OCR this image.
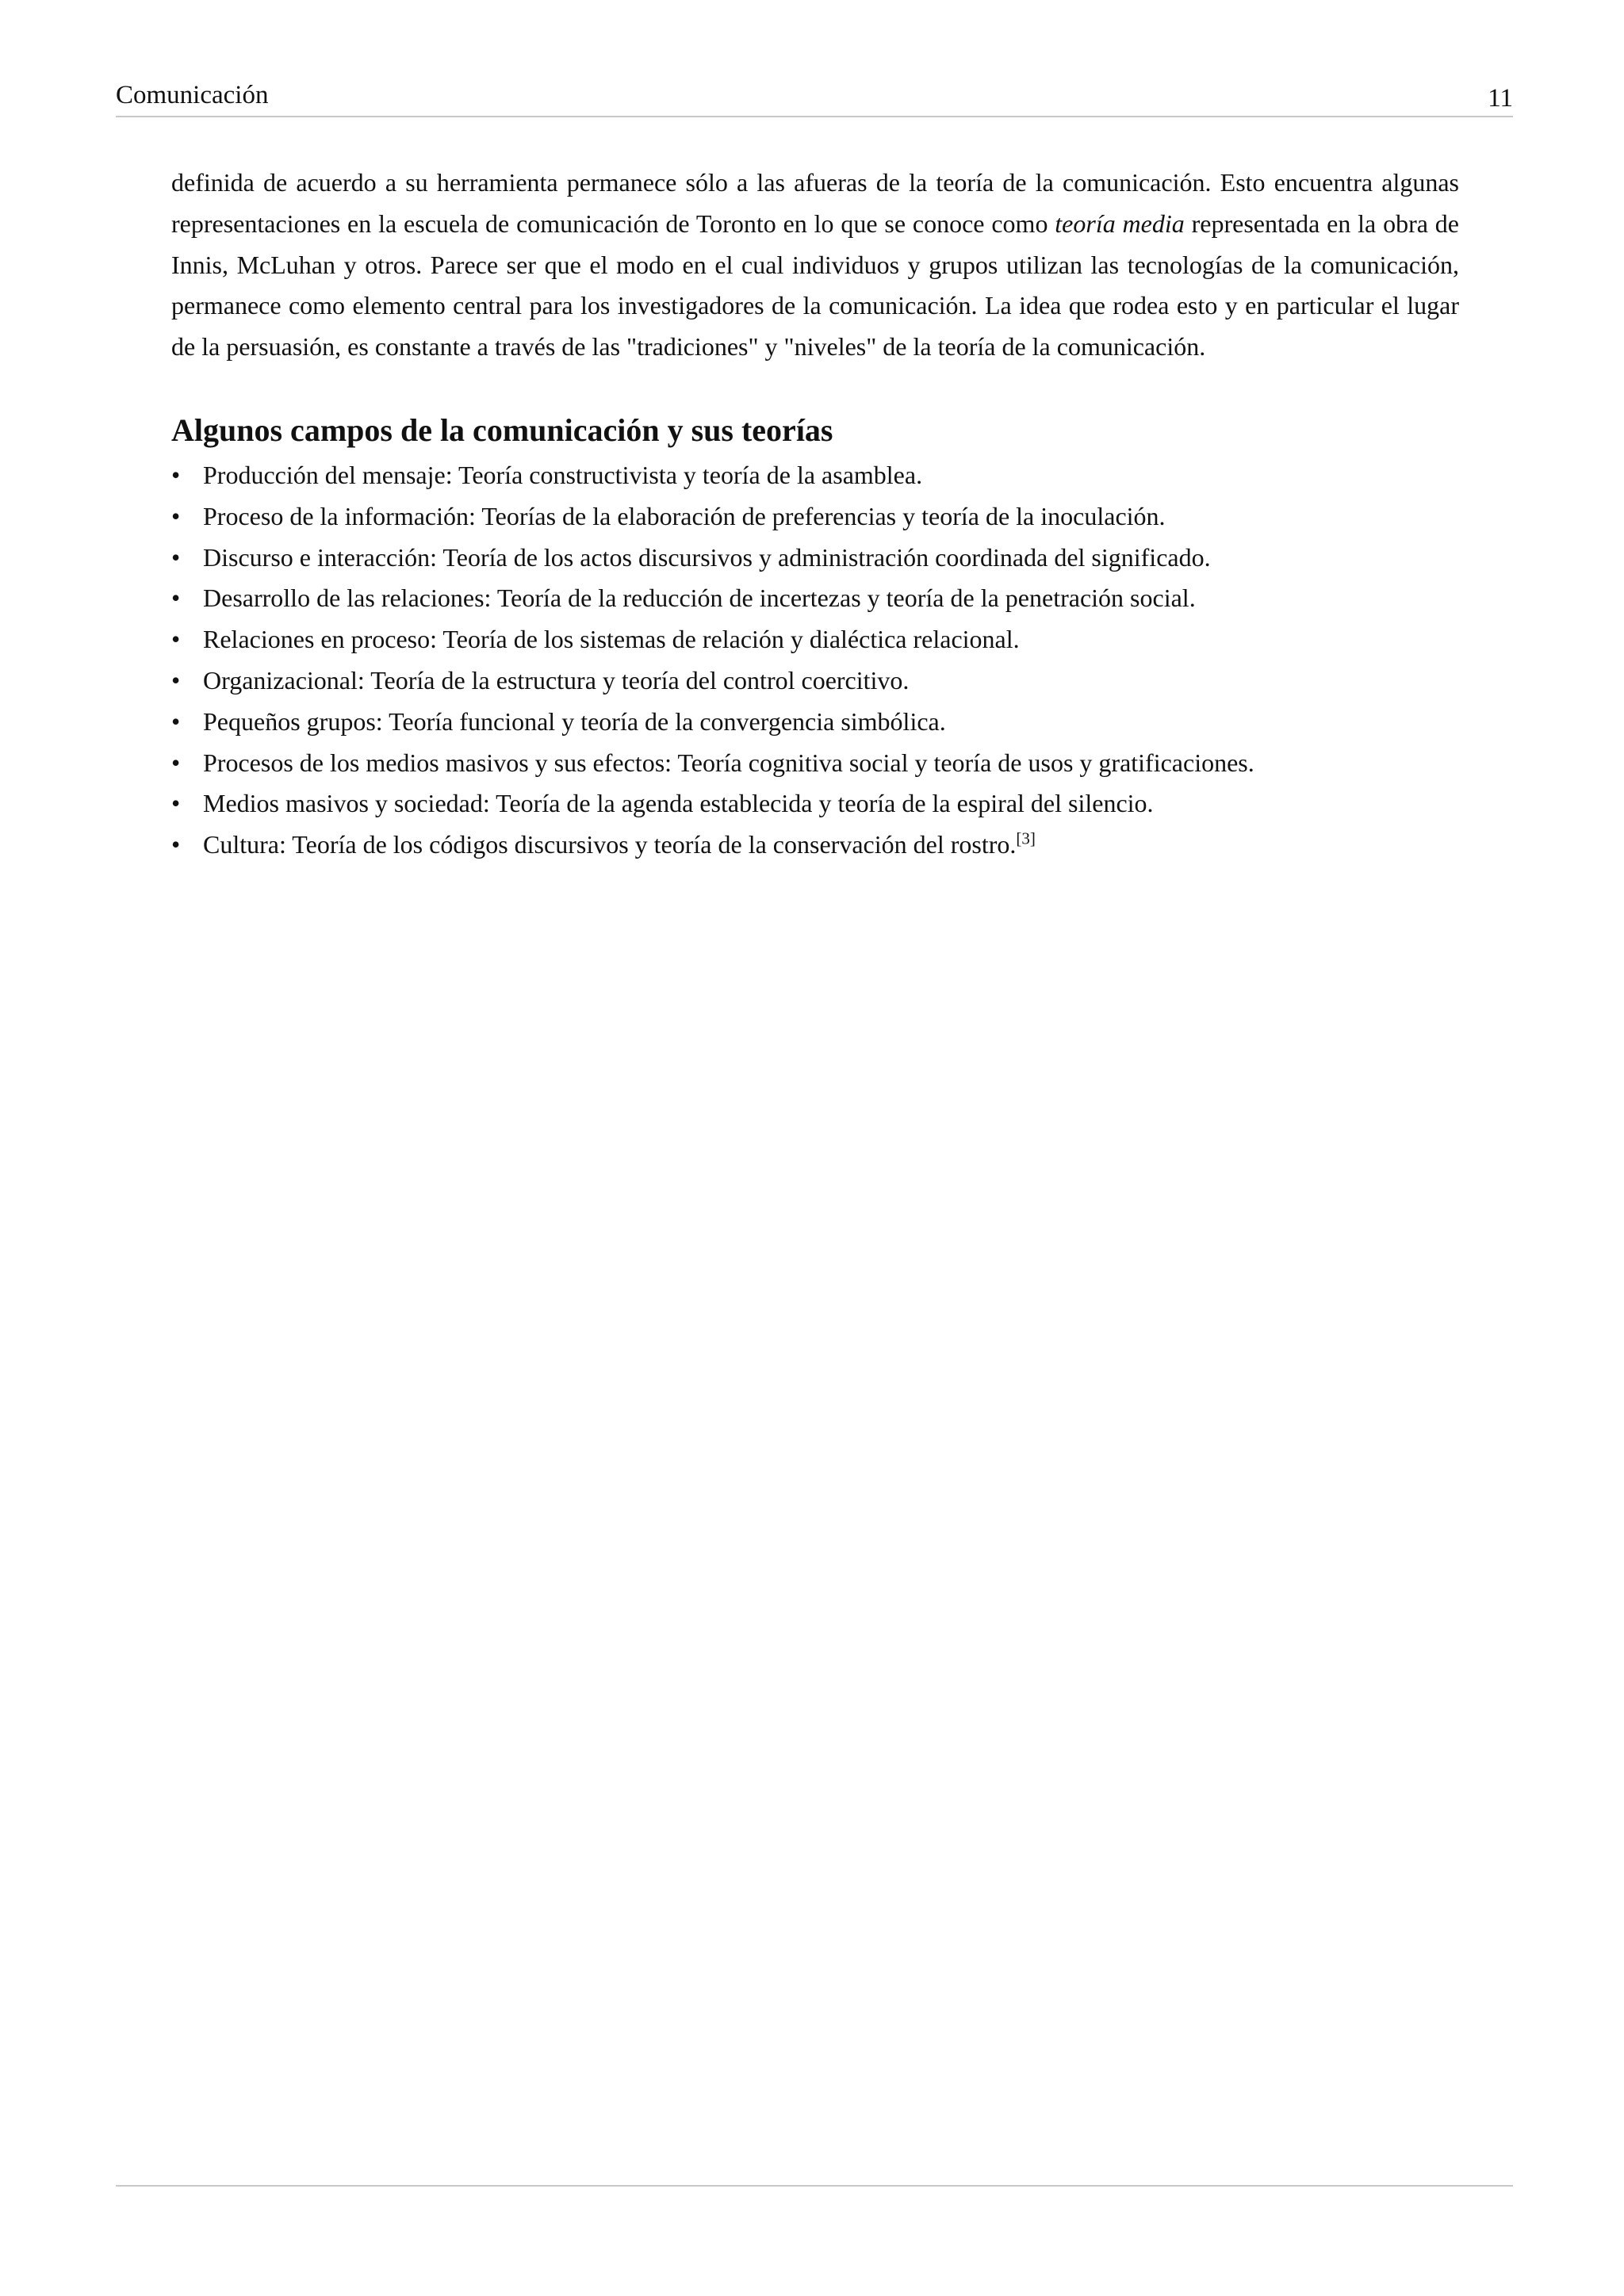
Comunicación	11

definida de acuerdo a su herramienta permanece sólo a las afueras de la teoría de la comunicación. Esto encuentra algunas representaciones en la escuela de comunicación de Toronto en lo que se conoce como teoría media representada en la obra de Innis, McLuhan y otros. Parece ser que el modo en el cual individuos y grupos utilizan las tecnologías de la comunicación, permanece como elemento central para los investigadores de la comunicación. La idea que rodea esto y en particular el lugar de la persuasión, es constante a través de las "tradiciones" y "niveles" de la teoría de la comunicación.

Algunos campos de la comunicación y sus teorías
• Producción del mensaje: Teoría constructivista y teoría de la asamblea.
• Proceso de la información: Teorías de la elaboración de preferencias y teoría de la inoculación.
• Discurso e interacción: Teoría de los actos discursivos y administración coordinada del significado.
• Desarrollo de las relaciones: Teoría de la reducción de incertezas y teoría de la penetración social.
• Relaciones en proceso: Teoría de los sistemas de relación y dialéctica relacional.
• Organizacional: Teoría de la estructura y teoría del control coercitivo.
• Pequeños grupos: Teoría funcional y teoría de la convergencia simbólica.
• Procesos de los medios masivos y sus efectos: Teoría cognitiva social y teoría de usos y gratificaciones.
• Medios masivos y sociedad: Teoría de la agenda establecida y teoría de la espiral del silencio.
• Cultura: Teoría de los códigos discursivos y teoría de la conservación del rostro.[3]
